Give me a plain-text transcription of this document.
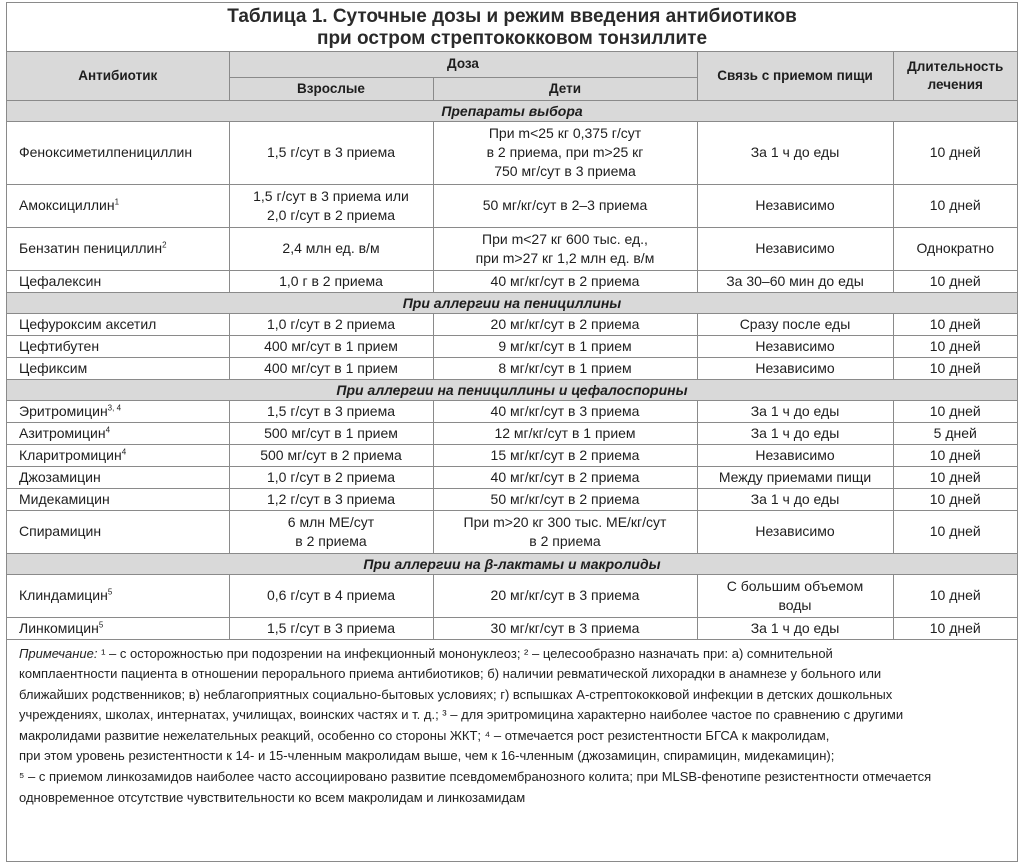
Таблица 1. Суточные дозы и режим введения антибиотиков
при остром стрептококковом тонзиллите
Антибиотик	Доза		Связь с приемом пищи	Длительность
лечения
	Взрослые	Дети		
Препараты выбора				
Феноксиметилпенициллин	1,5 г/сут в 3 приема	При m<25 кг 0,375 г/сут
в 2 приема, при m>25 кг
750 мг/сут в 3 приема	За 1 ч до еды	10 дней
Амоксициллин$^1$	1,5 г/сут в 3 приема или
2,0 г/сут в 2 приема	50 мг/кг/сут в 2–3 приема	Независимо	10 дней
Бензатин пенициллин$^2$	2,4 млн ед. в/м	При m<27 кг 600 тыс. ед.,
при m>27 кг 1,2 млн ед. в/м	Независимо	Однократно
Цефалексин	1,0 г в 2 приема	40 мг/кг/сут в 2 приема	За 30–60 мин до еды	10 дней
При аллергии на пенициллины				
Цефуроксим аксетил	1,0 г/сут в 2 приема	20 мг/кг/сут в 2 приема	Сразу после еды	10 дней
Цефтибутен	400 мг/сут в 1 прием	9 мг/кг/сут в 1 прием	Независимо	10 дней
Цефиксим	400 мг/сут в 1 прием	8 мг/кг/сут в 1 прием	Независимо	10 дней
При аллергии на пенициллины и цефалоспорины				
Эритромицин$^{3, 4}$	1,5 г/сут в 3 приема	40 мг/кг/сут в 3 приема	За 1 ч до еды	10 дней
Азитромицин$^4$	500 мг/сут в 1 прием	12 мг/кг/сут в 1 прием	За 1 ч до еды	5 дней
Кларитромицин$^4$	500 мг/сут в 2 приема	15 мг/кг/сут в 2 приема	Независимо	10 дней
Джозамицин	1,0 г/сут в 2 приема	40 мг/кг/сут в 2 приема	Между приемами пищи	10 дней
Мидекамицин	1,2 г/сут в 3 приема	50 мг/кг/сут в 2 приема	За 1 ч до еды	10 дней
Спирамицин	6 млн МЕ/сут
в 2 приема	При m>20 кг 300 тыс. МЕ/кг/сут
в 2 приема	Независимо	10 дней
При аллергии на β-лактамы и макролиды				
Клиндамицин$^5$	0,6 г/сут в 4 приема	20 мг/кг/сут в 3 приема	С большим объемом
воды	10 дней
Линкомицин$^5$	1,5 г/сут в 3 приема	30 мг/кг/сут в 3 приема	За 1 ч до еды	10 дней
Примечание: ¹ – с осторожностью при подозрении на инфекционный мононуклеоз; ² – целесообразно назначать при: а) сомнительной
комплаентности пациента в отношении перорального приема антибиотиков; б) наличии ревматической лихорадки в анамнезе у больного или
ближайших родственников; в) неблагоприятных социально-бытовых условиях; г) вспышках А-стрептококковой инфекции в детских дошкольных
учреждениях, школах, интернатах, училищах, воинских частях и т. д.; ³ – для эритромицина характерно наиболее частое по сравнению с другими
макролидами развитие нежелательных реакций, особенно со стороны ЖКТ; ⁴ – отмечается рост резистентности БГСА к макролидам,
при этом уровень резистентности к 14- и 15-членным макролидам выше, чем к 16-членным (джозамицин, спирамицин, мидекамицин);
⁵ – с приемом линкозамидов наиболее часто ассоциировано развитие псевдомембранозного колита; при MLSB-фенотипе резистентности отмечается
одновременное отсутствие чувствительности ко всем макролидам и линкозамидам
